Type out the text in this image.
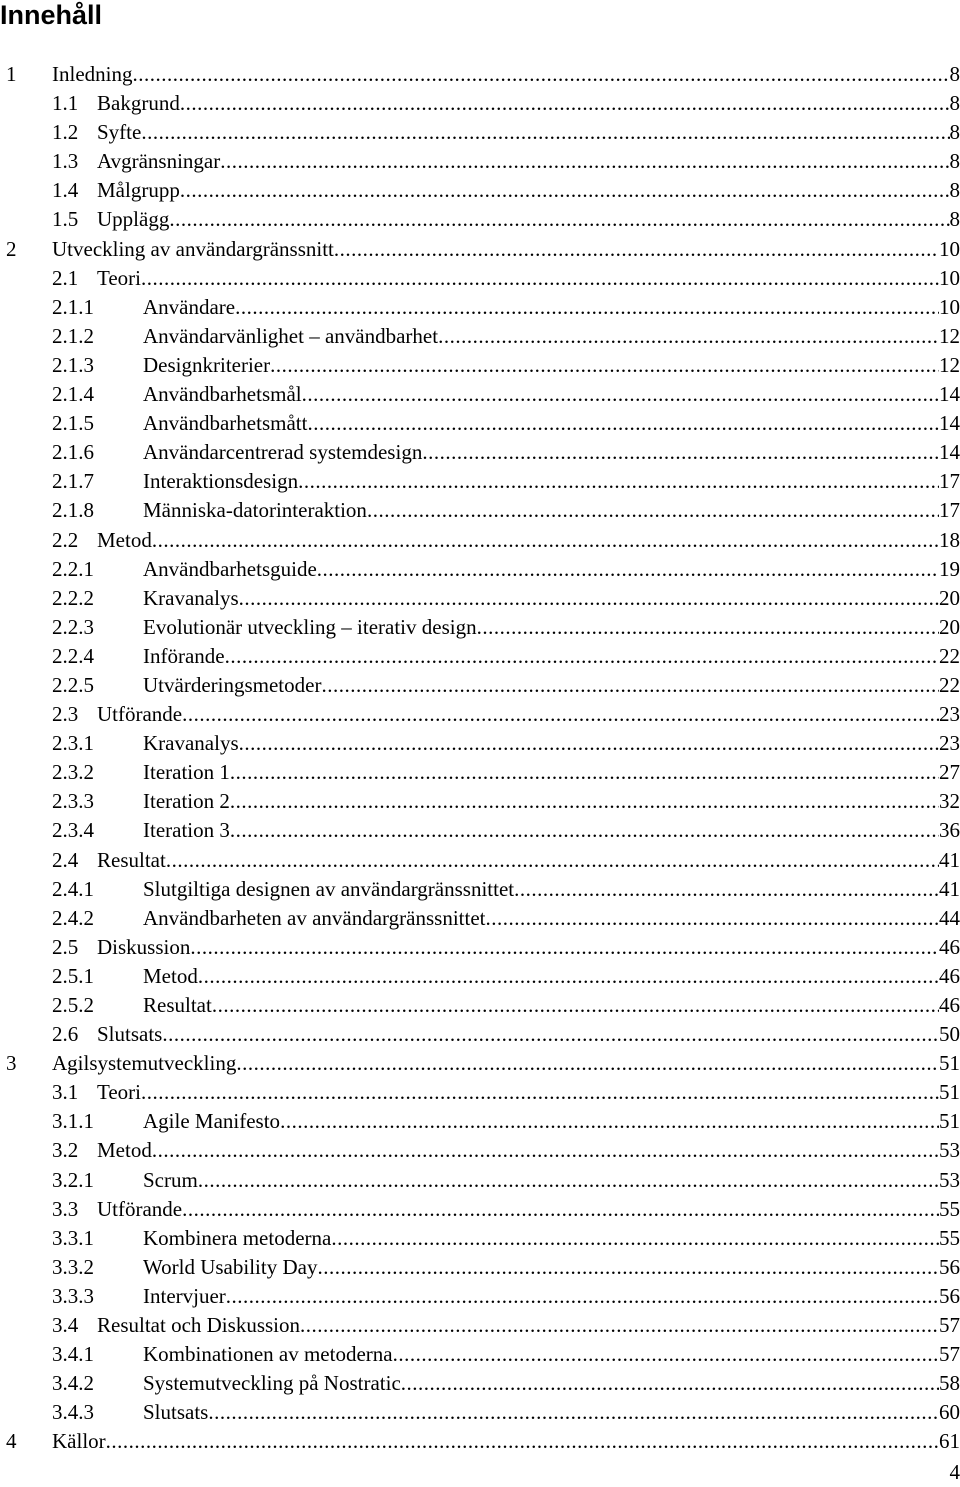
Innehåll
1 Inledning .....	8
1.1 Bakgrund .....	8
1.2 Syfte .....	8
1.3 Avgränsningar .....	8
1.4 Målgrupp .....	8
1.5 Upplägg .....	8
2 Utveckling av användargränssnitt .....	10
2.1 Teori .....	10
2.1.1 Användare .....	10
2.1.2 Användarvänlighet – användbarhet .....	12
2.1.3 Designkriterier .....	12
2.1.4 Användbarhetsmål .....	14
2.1.5 Användbarhetsmått .....	14
2.1.6 Användarcentrerad systemdesign .....	14
2.1.7 Interaktionsdesign .....	17
2.1.8 Människa-datorinteraktion .....	17
2.2 Metod .....	18
2.2.1 Användbarhetsguide .....	19
2.2.2 Kravanalys .....	20
2.2.3 Evolutionär utveckling – iterativ design .....	20
2.2.4 Införande .....	22
2.2.5 Utvärderingsmetoder .....	22
2.3 Utförande .....	23
2.3.1 Kravanalys .....	23
2.3.2 Iteration 1 .....	27
2.3.3 Iteration 2 .....	32
2.3.4 Iteration 3 .....	36
2.4 Resultat .....	41
2.4.1 Slutgiltiga designen av användargränssnittet .....	41
2.4.2 Användbarheten av användargränssnittet .....	44
2.5 Diskussion .....	46
2.5.1 Metod .....	46
2.5.2 Resultat .....	46
2.6 Slutsats .....	50
3 Agilsystemutveckling .....	51
3.1 Teori .....	51
3.1.1 Agile Manifesto .....	51
3.2 Metod .....	53
3.2.1 Scrum .....	53
3.3 Utförande .....	55
3.3.1 Kombinera metoderna .....	55
3.3.2 World Usability Day .....	56
3.3.3 Intervjuer .....	56
3.4 Resultat och Diskussion .....	57
3.4.1 Kombinationen av metoderna .....	57
3.4.2 Systemutveckling på Nostratic .....	58
3.4.3 Slutsats .....	60
4 Källor .....	61
4
